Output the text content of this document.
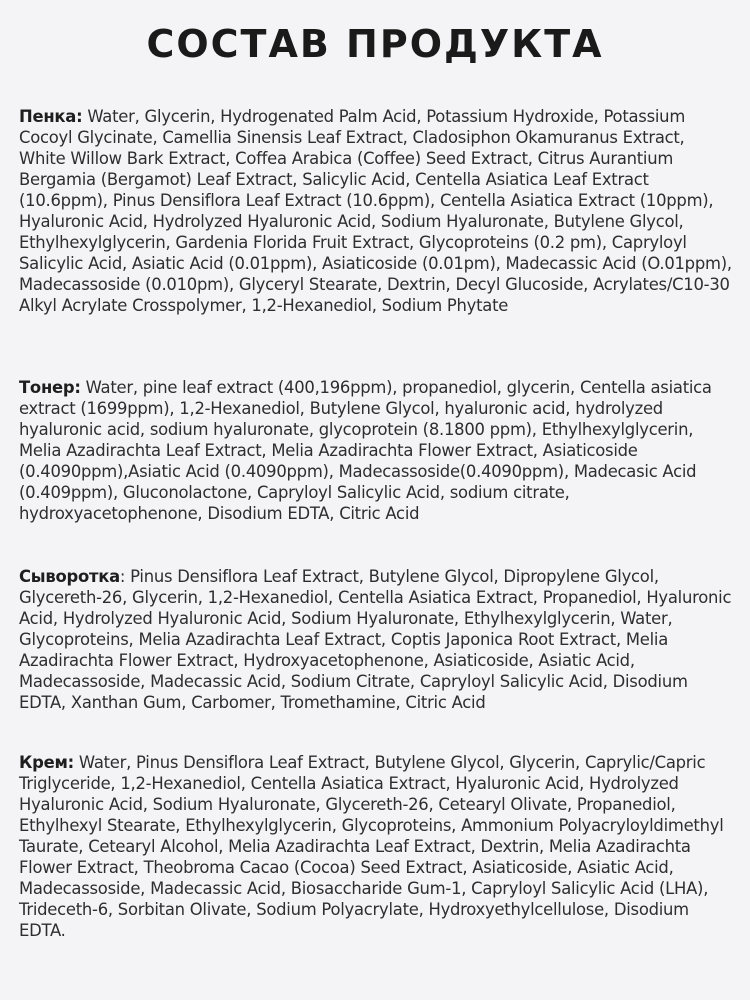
СОСТАВ ПРОДУКТА
Пенка: Water, Glycerin, Hydrogenated Palm Acid, Potassium Hydroxide, Potassium Cocoyl Glycinate, Camellia Sinensis Leaf Extract, Cladosiphon Okamuranus Extract, White Willow Bark Extract, Coffea Arabica (Coffee) Seed Extract, Citrus Aurantium Bergamia (Bergamot) Leaf Extract, Salicylic Acid, Centella Asiatica Leaf Extract (10.6ppm), Pinus Densiflora Leaf Extract (10.6ppm), Centella Asiatica Extract (10ppm), Hyaluronic Acid, Hydrolyzed Hyaluronic Acid, Sodium Hyaluronate, Butylene Glycol, Ethylhexylglycerin, Gardenia Florida Fruit Extract, Glycoproteins (0.2 pm), Capryloyl Salicylic Acid, Asiatic Acid (0.01ppm), Asiaticoside (0.01pm), Madecassic Acid (O.01ppm), Madecassoside (0.010pm), Glyceryl Stearate, Dextrin, Decyl Glucoside, Acrylates/C10-30 Alkyl Acrylate Crosspolymer, 1,2-Hexanediol, Sodium Phytate
Тонер: Water, pine leaf extract (400,196ppm), propanediol, glycerin, Centella asiatica extract (1699ppm), 1,2-Hexanediol, Butylene Glycol, hyaluronic acid, hydrolyzed hyaluronic acid, sodium hyaluronate, glycoprotein (8.1800 ppm), Ethylhexylglycerin, Melia Azadirachta Leaf Extract, Melia Azadirachta Flower Extract, Asiaticoside (0.4090ppm),Asiatic Acid (0.4090ppm), Madecassoside(0.4090ppm), Madecasic Acid (0.409ppm), Gluconolactone, Capryloyl Salicylic Acid, sodium citrate, hydroxyacetophenone, Disodium EDTA, Citric Acid
Сыворотка: Pinus Densiflora Leaf Extract, Butylene Glycol, Dipropylene Glycol, Glycereth-26, Glycerin, 1,2-Hexanediol, Centella Asiatica Extract, Propanediol, Hyaluronic Acid, Hydrolyzed Hyaluronic Acid, Sodium Hyaluronate, Ethylhexylglycerin, Water, Glycoproteins, Melia Azadirachta Leaf Extract, Coptis Japonica Root Extract, Melia Azadirachta Flower Extract, Hydroxyacetophenone, Asiaticoside, Asiatic Acid, Madecassoside, Madecassic Acid, Sodium Citrate, Capryloyl Salicylic Acid, Disodium EDTA, Xanthan Gum, Carbomer, Tromethamine, Citric Acid
Крем: Water, Pinus Densiflora Leaf Extract, Butylene Glycol, Glycerin, Caprylic/Capric Triglyceride, 1,2-Hexanediol, Centella Asiatica Extract, Hyaluronic Acid, Hydrolyzed Hyaluronic Acid, Sodium Hyaluronate, Glycereth-26, Cetearyl Olivate, Propanediol, Ethylhexyl Stearate, Ethylhexylglycerin, Glycoproteins, Ammonium Polyacryloyldimethyl Taurate, Cetearyl Alcohol, Melia Azadirachta Leaf Extract, Dextrin, Melia Azadirachta Flower Extract, Theobroma Cacao (Cocoa) Seed Extract, Asiaticoside, Asiatic Acid, Madecassoside, Madecassic Acid, Biosaccharide Gum-1, Capryloyl Salicylic Acid (LHA), Trideceth-6, Sorbitan Olivate, Sodium Polyacrylate, Hydroxyethylcellulose, Disodium EDTA.
